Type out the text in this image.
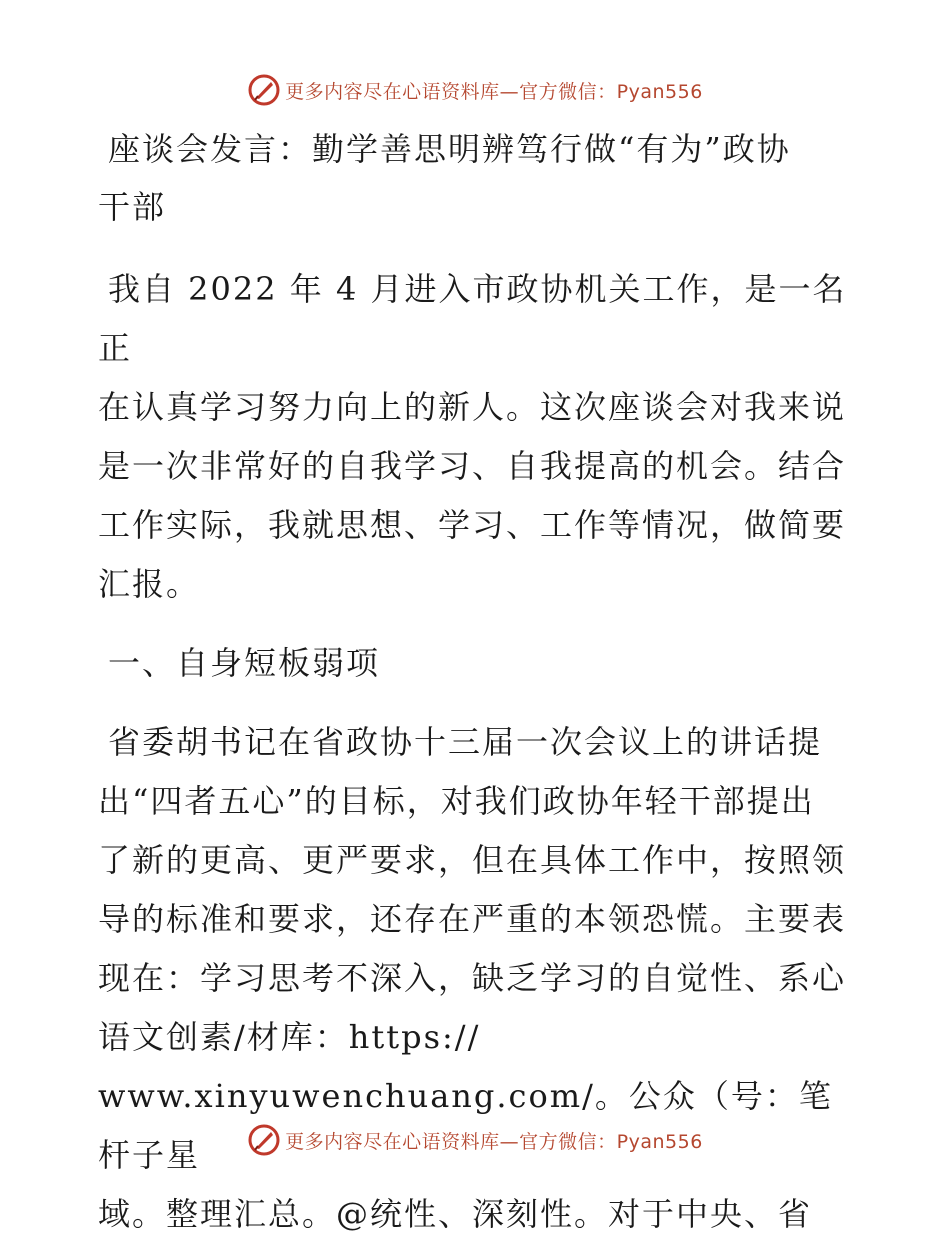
更多内容尽在心语资料库—官方微信：Pyan556
座谈会发言：勤学善思明辨笃行做“有为”政协
干部
我自 2022 年 4 月进入市政协机关工作，是一名正
在认真学习努力向上的新人。这次座谈会对我来说
是一次非常好的自我学习、自我提高的机会。结合
工作实际，我就思想、学习、工作等情况，做简要
汇报。
一、自身短板弱项
省委胡书记在省政协十三届一次会议上的讲话提
出“四者五心”的目标，对我们政协年轻干部提出
了新的更高、更严要求，但在具体工作中，按照领
导的标准和要求，还存在严重的本领恐慌。主要表
现在：学习思考不深入，缺乏学习的自觉性、系心
语文创素/材库：https://
www.xinyuwenchuang.com/。公众（号：笔杆子星
域。整理汇总。@统性、深刻性。对于中央、省
更多内容尽在心语资料库—官方微信：Pyan556
